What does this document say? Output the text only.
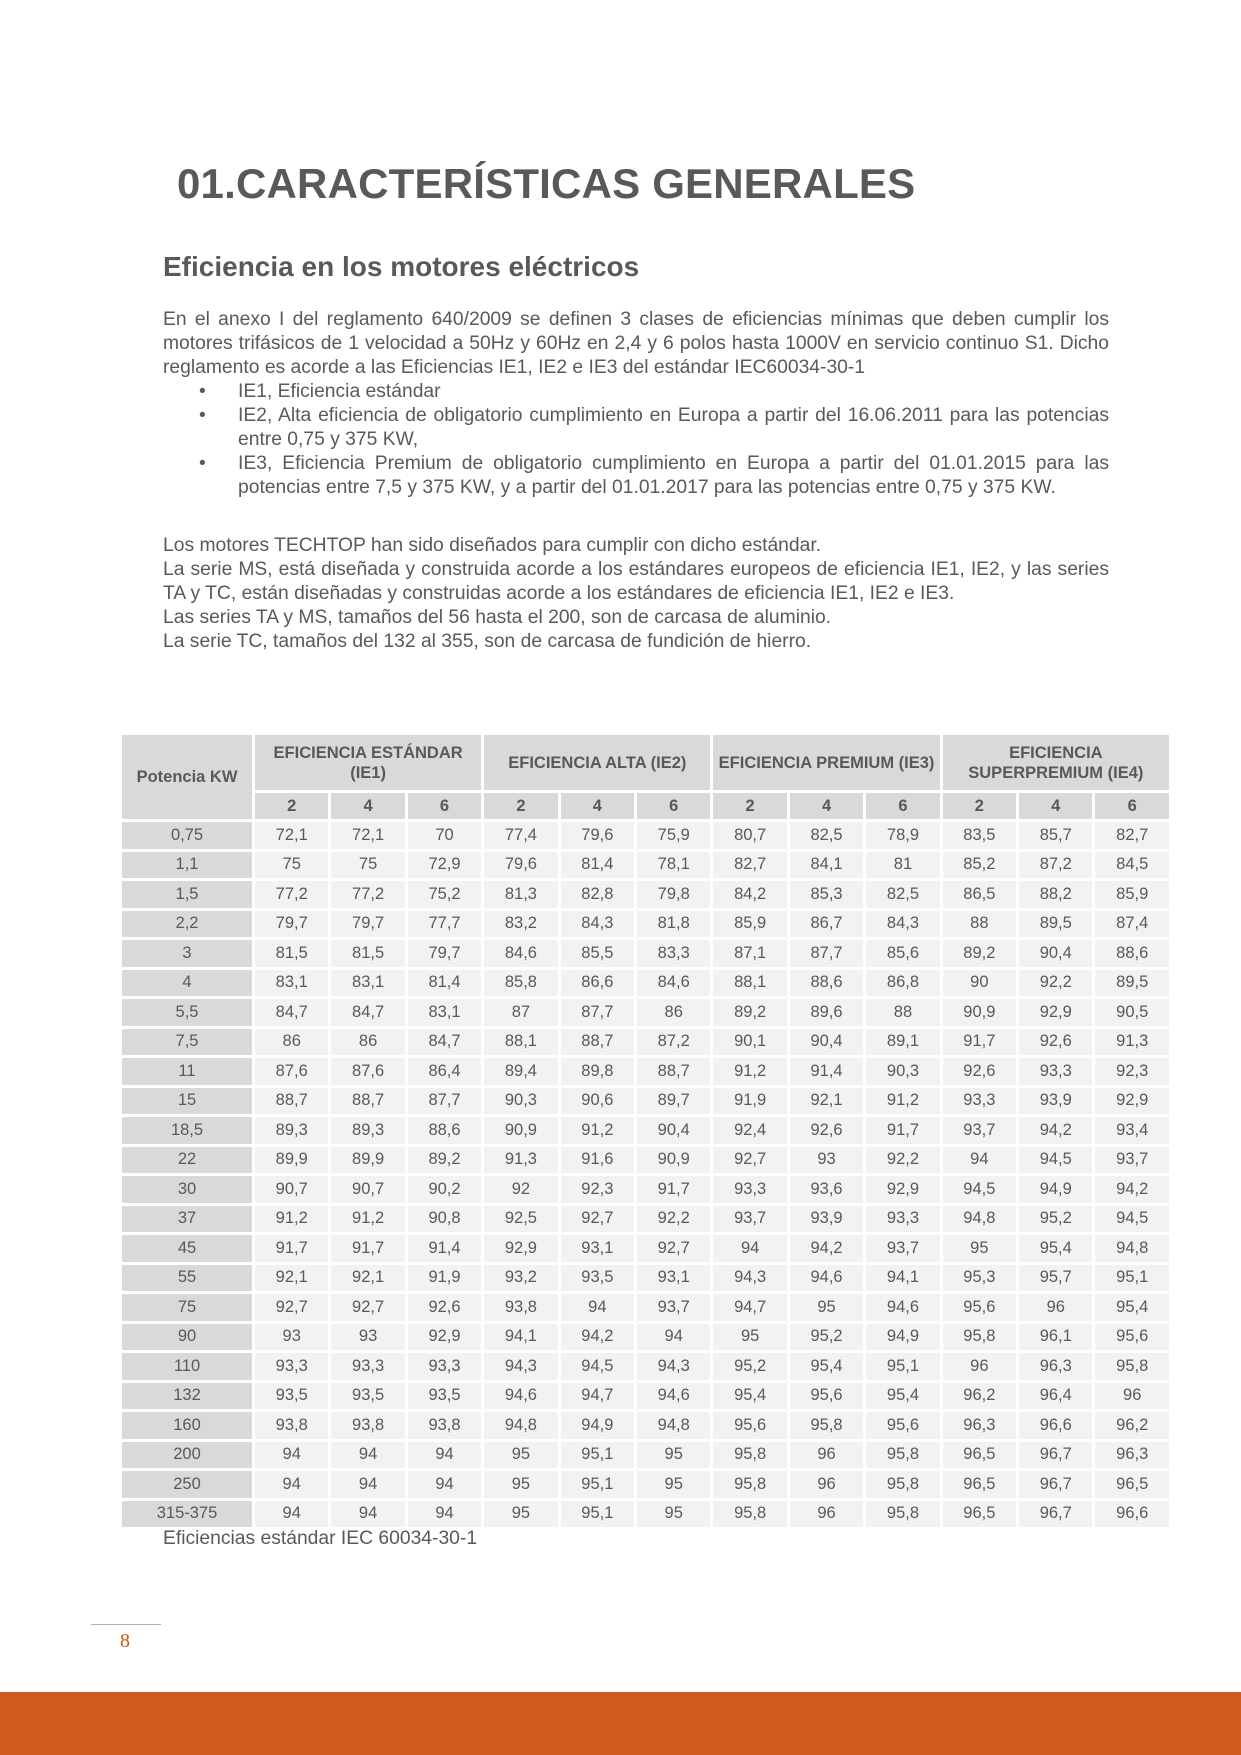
01.CARACTERÍSTICAS GENERALES
Eficiencia en los motores eléctricos

En el anexo I del reglamento 640/2009 se definen 3 clases de eficiencias mínimas que deben cumplir los motores trifásicos de 1 velocidad a 50Hz y 60Hz en 2,4 y 6 polos hasta 1000V en servicio continuo S1. Dicho reglamento es acorde a las Eficiencias IE1, IE2 e IE3 del estándar IEC60034-30-1

• IE1, Eficiencia estándar
• IE2, Alta eficiencia de obligatorio cumplimiento en Europa a partir del 16.06.2011 para las potencias entre 0,75 y 375 KW,
• IE3, Eficiencia Premium de obligatorio cumplimiento en Europa a partir del 01.01.2015 para las potencias entre 7,5 y 375 KW, y a partir del 01.01.2017 para las potencias entre 0,75 y 375 KW.

Los motores TECHTOP han sido diseñados para cumplir con dicho estándar.

La serie MS, está diseñada y construida acorde a los estándares europeos de eficiencia IE1, IE2, y las series TA y TC, están diseñadas y construidas acorde a los estándares de eficiencia IE1, IE2 e IE3.

Las series TA y MS, tamaños del 56 hasta el 200, son de carcasa de aluminio.

La serie TC, tamaños del 132 al 355, son de carcasa de fundición de hierro.

Potencia KW	EFICIENCIA ESTÁNDAR (IE1)			EFICIENCIA ALTA (IE2)			EFICIENCIA PREMIUM (IE3)			EFICIENCIA SUPERPREMIUM (IE4)		
	2	4	6	2	4	6	2	4	6	2	4	6
0,75	72,1	72,1	70	77,4	79,6	75,9	80,7	82,5	78,9	83,5	85,7	82,7
1,1	75	75	72,9	79,6	81,4	78,1	82,7	84,1	81	85,2	87,2	84,5
1,5	77,2	77,2	75,2	81,3	82,8	79,8	84,2	85,3	82,5	86,5	88,2	85,9
2,2	79,7	79,7	77,7	83,2	84,3	81,8	85,9	86,7	84,3	88	89,5	87,4
3	81,5	81,5	79,7	84,6	85,5	83,3	87,1	87,7	85,6	89,2	90,4	88,6
4	83,1	83,1	81,4	85,8	86,6	84,6	88,1	88,6	86,8	90	92,2	89,5
5,5	84,7	84,7	83,1	87	87,7	86	89,2	89,6	88	90,9	92,9	90,5
7,5	86	86	84,7	88,1	88,7	87,2	90,1	90,4	89,1	91,7	92,6	91,3
11	87,6	87,6	86,4	89,4	89,8	88,7	91,2	91,4	90,3	92,6	93,3	92,3
15	88,7	88,7	87,7	90,3	90,6	89,7	91,9	92,1	91,2	93,3	93,9	92,9
18,5	89,3	89,3	88,6	90,9	91,2	90,4	92,4	92,6	91,7	93,7	94,2	93,4
22	89,9	89,9	89,2	91,3	91,6	90,9	92,7	93	92,2	94	94,5	93,7
30	90,7	90,7	90,2	92	92,3	91,7	93,3	93,6	92,9	94,5	94,9	94,2
37	91,2	91,2	90,8	92,5	92,7	92,2	93,7	93,9	93,3	94,8	95,2	94,5
45	91,7	91,7	91,4	92,9	93,1	92,7	94	94,2	93,7	95	95,4	94,8
55	92,1	92,1	91,9	93,2	93,5	93,1	94,3	94,6	94,1	95,3	95,7	95,1
75	92,7	92,7	92,6	93,8	94	93,7	94,7	95	94,6	95,6	96	95,4
90	93	93	92,9	94,1	94,2	94	95	95,2	94,9	95,8	96,1	95,6
110	93,3	93,3	93,3	94,3	94,5	94,3	95,2	95,4	95,1	96	96,3	95,8
132	93,5	93,5	93,5	94,6	94,7	94,6	95,4	95,6	95,4	96,2	96,4	96
160	93,8	93,8	93,8	94,8	94,9	94,8	95,6	95,8	95,6	96,3	96,6	96,2
200	94	94	94	95	95,1	95	95,8	96	95,8	96,5	96,7	96,3
250	94	94	94	95	95,1	95	95,8	96	95,8	96,5	96,7	96,5
315-375	94	94	94	95	95,1	95	95,8	96	95,8	96,5	96,7	96,6
Eficiencias estándar IEC 60034-30-1
8
